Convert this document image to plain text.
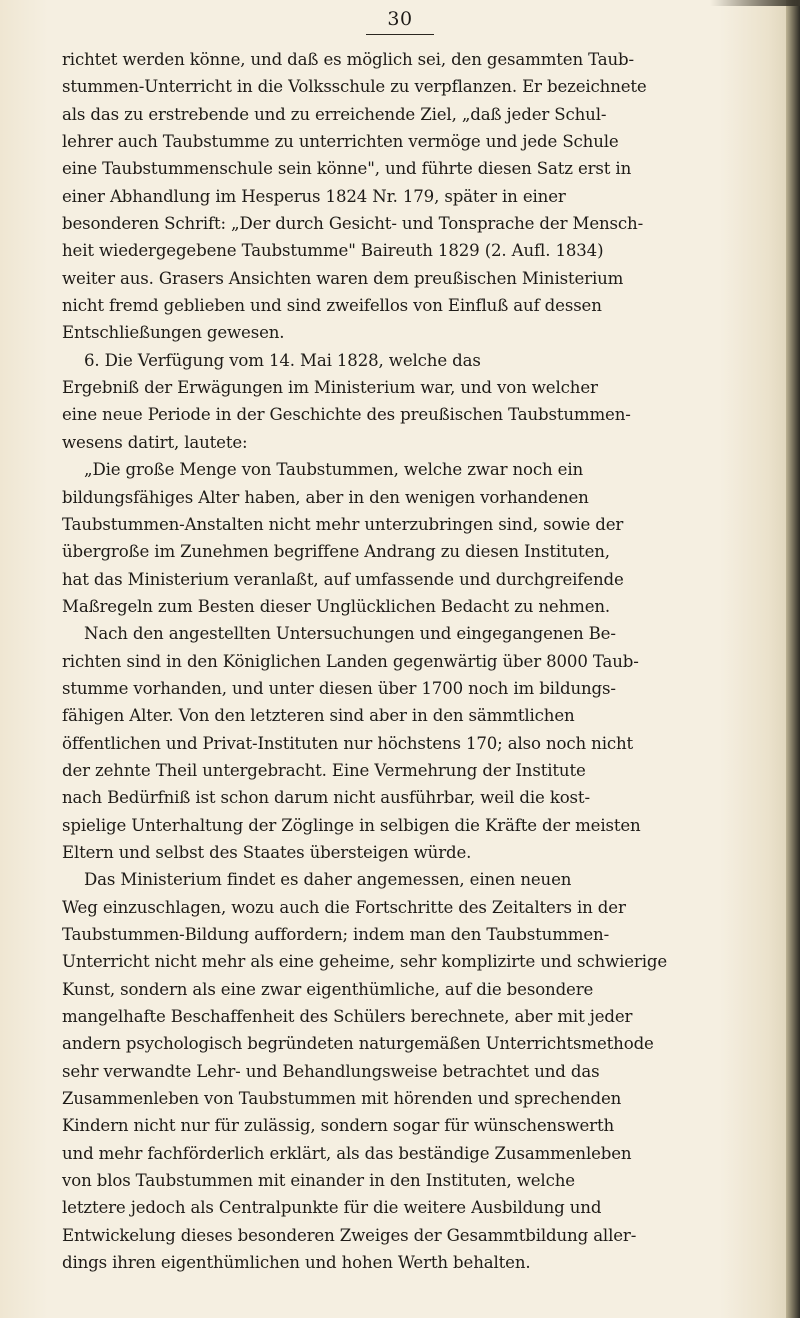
30

richtet werden könne, und daß es möglich sei, den gesammten Taub-
stummen-Unterricht in die Volksschule zu verpflanzen. Er bezeichnete
als das zu erstrebende und zu erreichende Ziel, „daß jeder Schul-
lehrer auch Taubstumme zu unterrichten vermöge und jede Schule
eine Taubstummenschule sein könne", und führte diesen Satz erst in
einer Abhandlung im Hesperus 1824 Nr. 179, später in einer
besonderen Schrift: „Der durch Gesicht- und Tonsprache der Mensch-
heit wiedergegebene Taubstumme" Baireuth 1829 (2. Aufl. 1834)
weiter aus. Grasers Ansichten waren dem preußischen Ministerium
nicht fremd geblieben und sind zweifellos von Einfluß auf dessen
Entschließungen gewesen.

6. Die Verfügung vom 14. Mai 1828, welche das
Ergebniß der Erwägungen im Ministerium war, und von welcher
eine neue Periode in der Geschichte des preußischen Taubstummen-
wesens datirt, lautete:

„Die große Menge von Taubstummen, welche zwar noch ein
bildungsfähiges Alter haben, aber in den wenigen vorhandenen
Taubstummen-Anstalten nicht mehr unterzubringen sind, sowie der
übergroße im Zunehmen begriffene Andrang zu diesen Instituten,
hat das Ministerium veranlaßt, auf umfassende und durchgreifende
Maßregeln zum Besten dieser Unglücklichen Bedacht zu nehmen.

Nach den angestellten Untersuchungen und eingegangenen Be-
richten sind in den Königlichen Landen gegenwärtig über 8000 Taub-
stumme vorhanden, und unter diesen über 1700 noch im bildungs-
fähigen Alter. Von den letzteren sind aber in den sämmtlichen
öffentlichen und Privat-Instituten nur höchstens 170; also noch nicht
der zehnte Theil untergebracht. Eine Vermehrung der Institute
nach Bedürfniß ist schon darum nicht ausführbar, weil die kost-
spielige Unterhaltung der Zöglinge in selbigen die Kräfte der meisten
Eltern und selbst des Staates übersteigen würde.

Das Ministerium findet es daher angemessen, einen neuen
Weg einzuschlagen, wozu auch die Fortschritte des Zeitalters in der
Taubstummen-Bildung auffordern; indem man den Taubstummen-
Unterricht nicht mehr als eine geheime, sehr komplizirte und schwierige
Kunst, sondern als eine zwar eigenthümliche, auf die besondere
mangelhafte Beschaffenheit des Schülers berechnete, aber mit jeder
andern psychologisch begründeten naturgemäßen Unterrichtsmethode
sehr verwandte Lehr- und Behandlungsweise betrachtet und das
Zusammenleben von Taubstummen mit hörenden und sprechenden
Kindern nicht nur für zulässig, sondern sogar für wünschenswerth
und mehr fachförderlich erklärt, als das beständige Zusammenleben
von blos Taubstummen mit einander in den Instituten, welche
letztere jedoch als Centralpunkte für die weitere Ausbildung und
Entwickelung dieses besonderen Zweiges der Gesammtbildung aller-
dings ihren eigenthümlichen und hohen Werth behalten.
